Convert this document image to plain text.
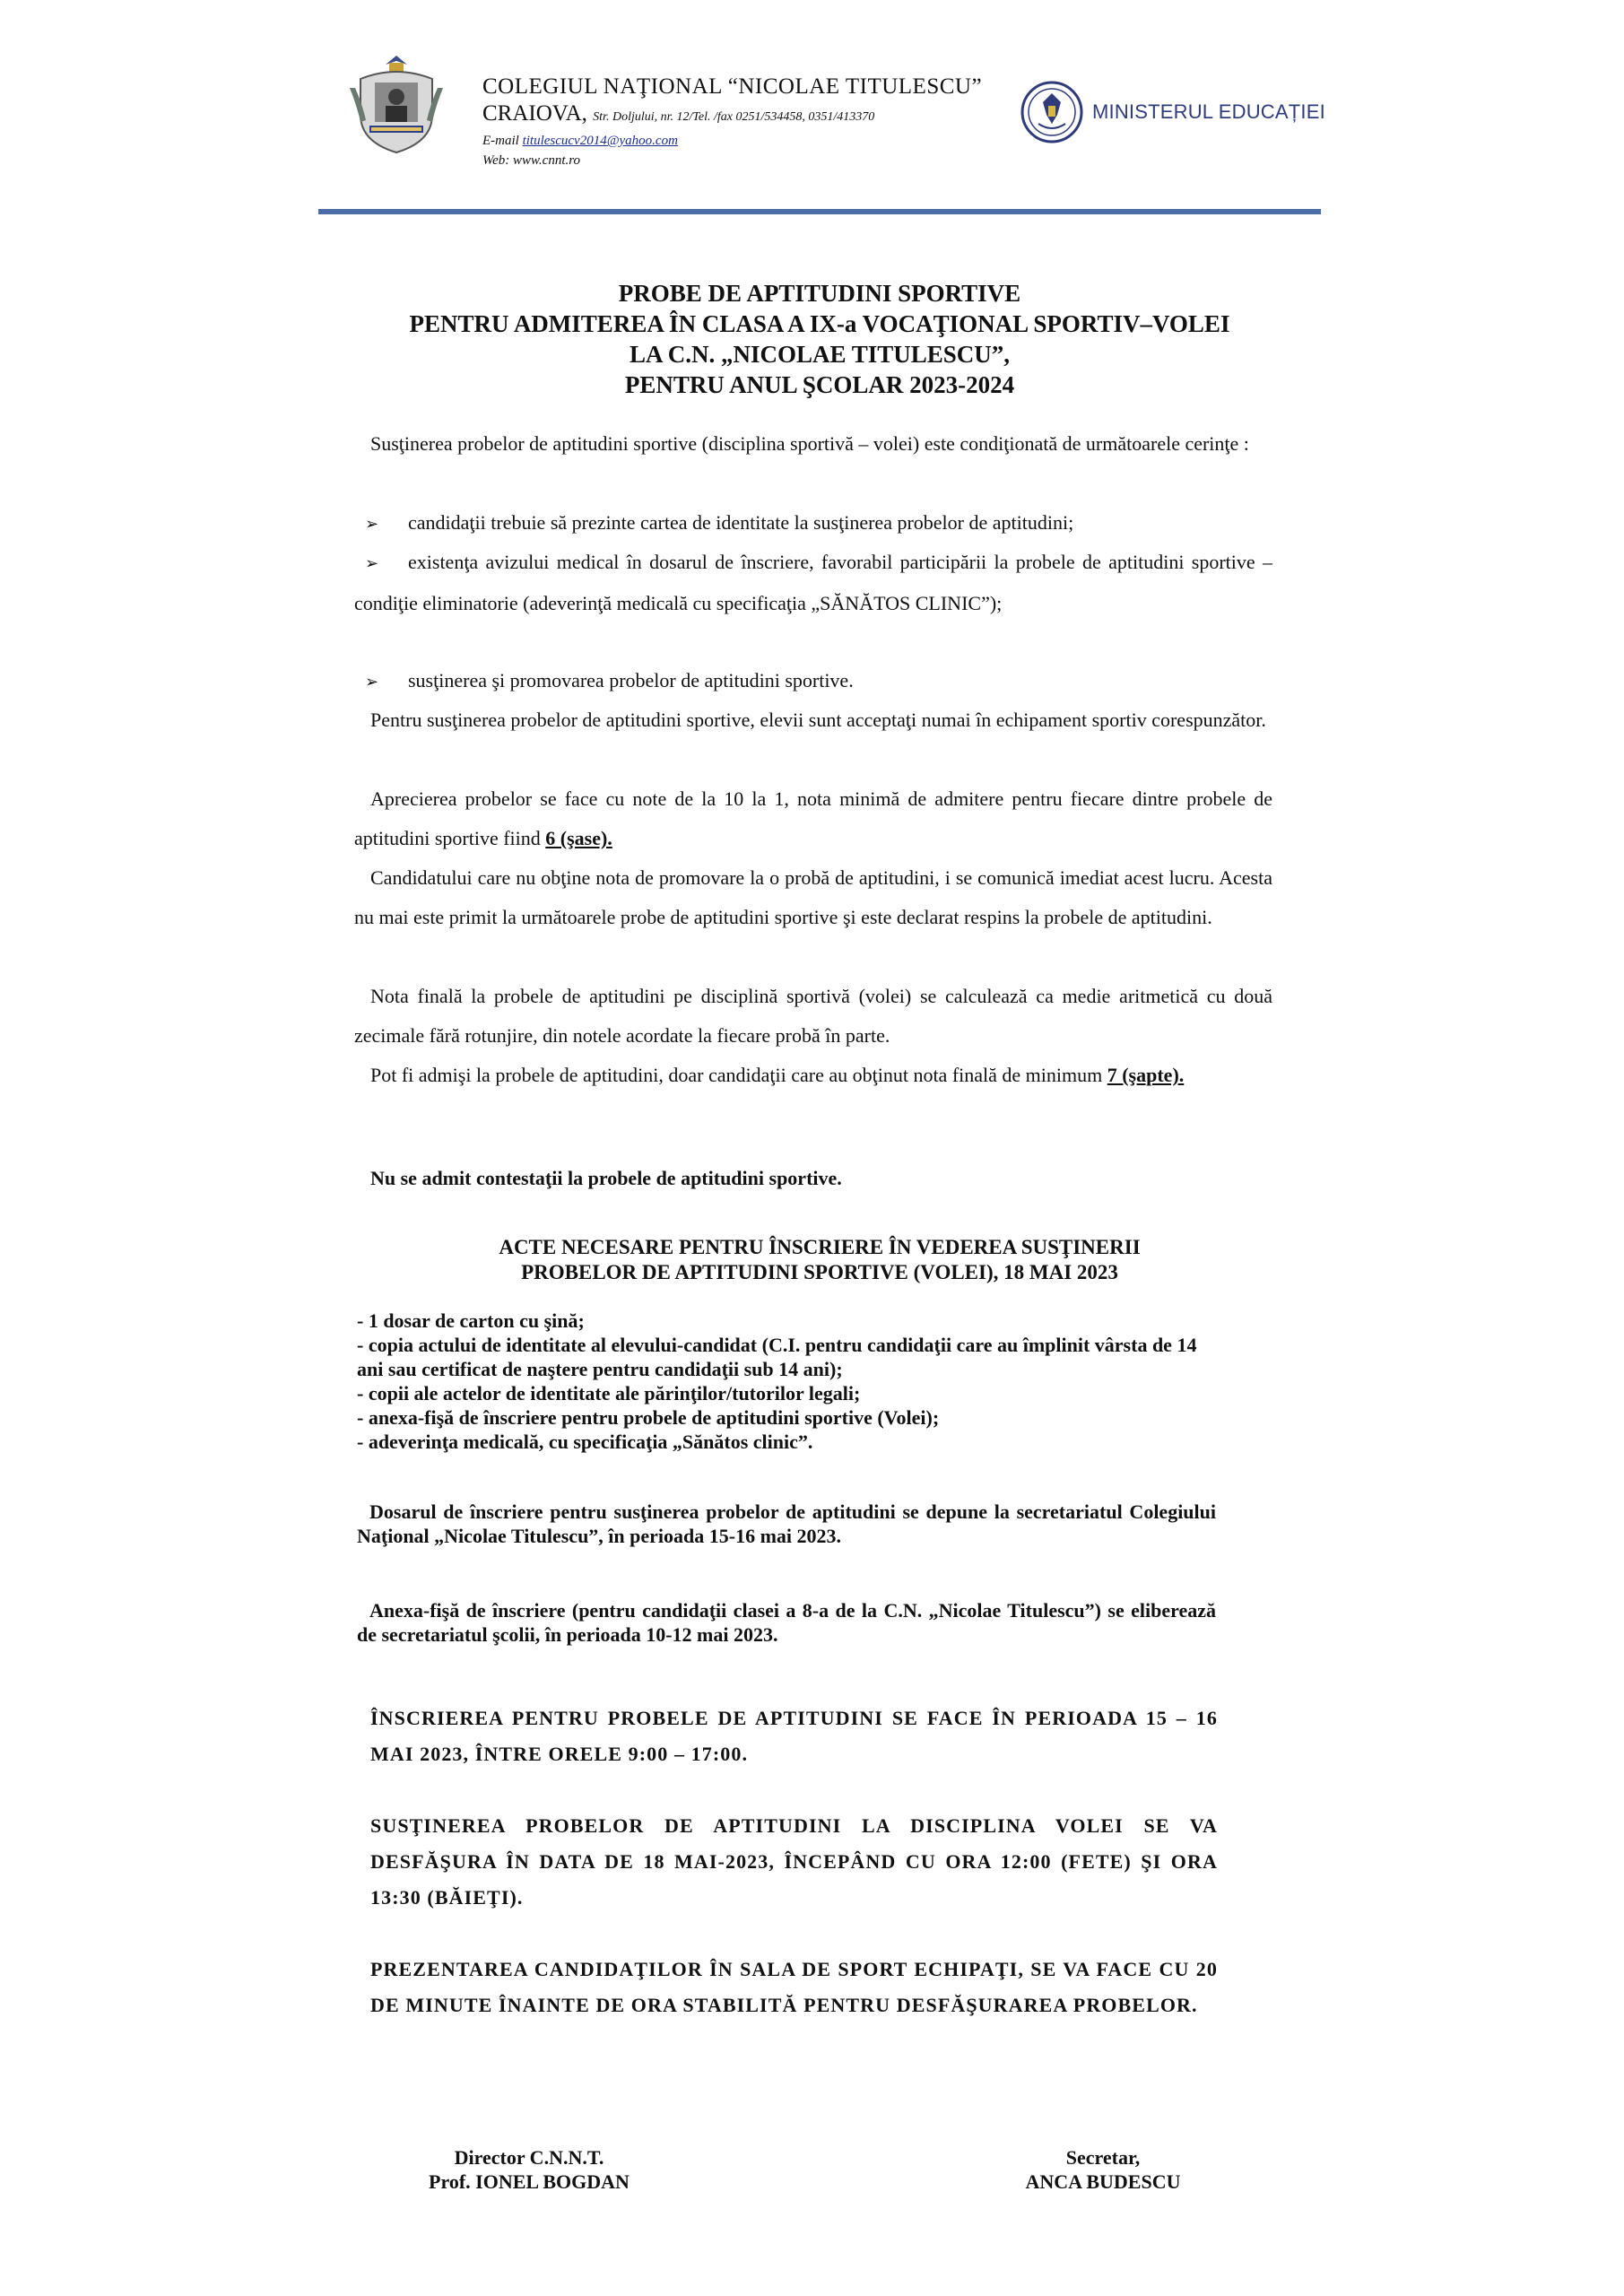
COLEGIUL NAŢIONAL “NICOLAE TITULESCU”
CRAIOVA, Str. Doljului, nr. 12/Tel. /fax 0251/534458, 0351/413370
E-mail titulescucv2014@yahoo.com
Web: www.cnnt.ro
MINISTERUL EDUCAȚIEI
PROBE DE APTITUDINI SPORTIVE
PENTRU ADMITEREA ÎN CLASA A IX-a VOCAŢIONAL SPORTIV–VOLEI
LA C.N. „NICOLAE TITULESCU”,
PENTRU ANUL ŞCOLAR 2023-2024
Susţinerea probelor de aptitudini sportive (disciplina sportivă – volei) este condiţionată de următoarele cerinţe :
➢ candidaţii trebuie să prezinte cartea de identitate la susţinerea probelor de aptitudini;
➢ existenţa avizului medical în dosarul de înscriere, favorabil participării la probele de aptitudini sportive – condiţie eliminatorie (adeverinţă medicală cu specificaţia „SĂNĂTOS CLINIC”);
➢ susţinerea şi promovarea probelor de aptitudini sportive.
Pentru susţinerea probelor de aptitudini sportive, elevii sunt acceptaţi numai în echipament sportiv corespunzător.
Aprecierea probelor se face cu note de la 10 la 1, nota minimă de admitere pentru fiecare dintre probele de aptitudini sportive fiind 6 (şase).
Candidatului care nu obţine nota de promovare la o probă de aptitudini, i se comunică imediat acest lucru. Acesta nu mai este primit la următoarele probe de aptitudini sportive şi este declarat respins la probele de aptitudini.
Nota finală la probele de aptitudini pe disciplină sportivă (volei) se calculează ca medie aritmetică cu două zecimale fără rotunjire, din notele acordate la fiecare probă în parte.
Pot fi admişi la probele de aptitudini, doar candidaţii care au obţinut nota finală de minimum 7 (şapte).
Nu se admit contestaţii la probele de aptitudini sportive.
ACTE NECESARE PENTRU ÎNSCRIERE ÎN VEDEREA SUSŢINERII
PROBELOR DE APTITUDINI SPORTIVE (VOLEI), 18 MAI 2023
- 1 dosar de carton cu şină;
- copia actului de identitate al elevului-candidat (C.I. pentru candidaţii care au împlinit vârsta de 14 ani sau certificat de naştere pentru candidaţii sub 14 ani);
- copii ale actelor de identitate ale părinţilor/tutorilor legali;
- anexa-fişă de înscriere pentru probele de aptitudini sportive (Volei);
- adeverinţa medicală, cu specificaţia „Sănătos clinic”.
Dosarul de înscriere pentru susţinerea probelor de aptitudini se depune la secretariatul Colegiului Naţional „Nicolae Titulescu”, în perioada 15-16 mai 2023.
Anexa-fişă de înscriere (pentru candidaţii clasei a 8-a de la C.N. „Nicolae Titulescu”) se eliberează de secretariatul şcolii, în perioada 10-12 mai 2023.
ÎNSCRIEREA PENTRU PROBELE DE APTITUDINI SE FACE ÎN PERIOADA 15 – 16 MAI 2023, ÎNTRE ORELE 9:00 – 17:00.
SUSŢINEREA PROBELOR DE APTITUDINI LA DISCIPLINA VOLEI SE VA DESFĂŞURA ÎN DATA DE 18 MAI-2023, ÎNCEPÂND CU ORA 12:00 (FETE) ŞI ORA 13:30 (BĂIEŢI).
PREZENTAREA CANDIDAŢILOR ÎN SALA DE SPORT ECHIPAŢI, SE VA FACE CU 20 DE MINUTE ÎNAINTE DE ORA STABILITĂ PENTRU DESFĂŞURAREA PROBELOR.
Director C.N.N.T.
Prof. IONEL BOGDAN
Secretar,
ANCA BUDESCU
